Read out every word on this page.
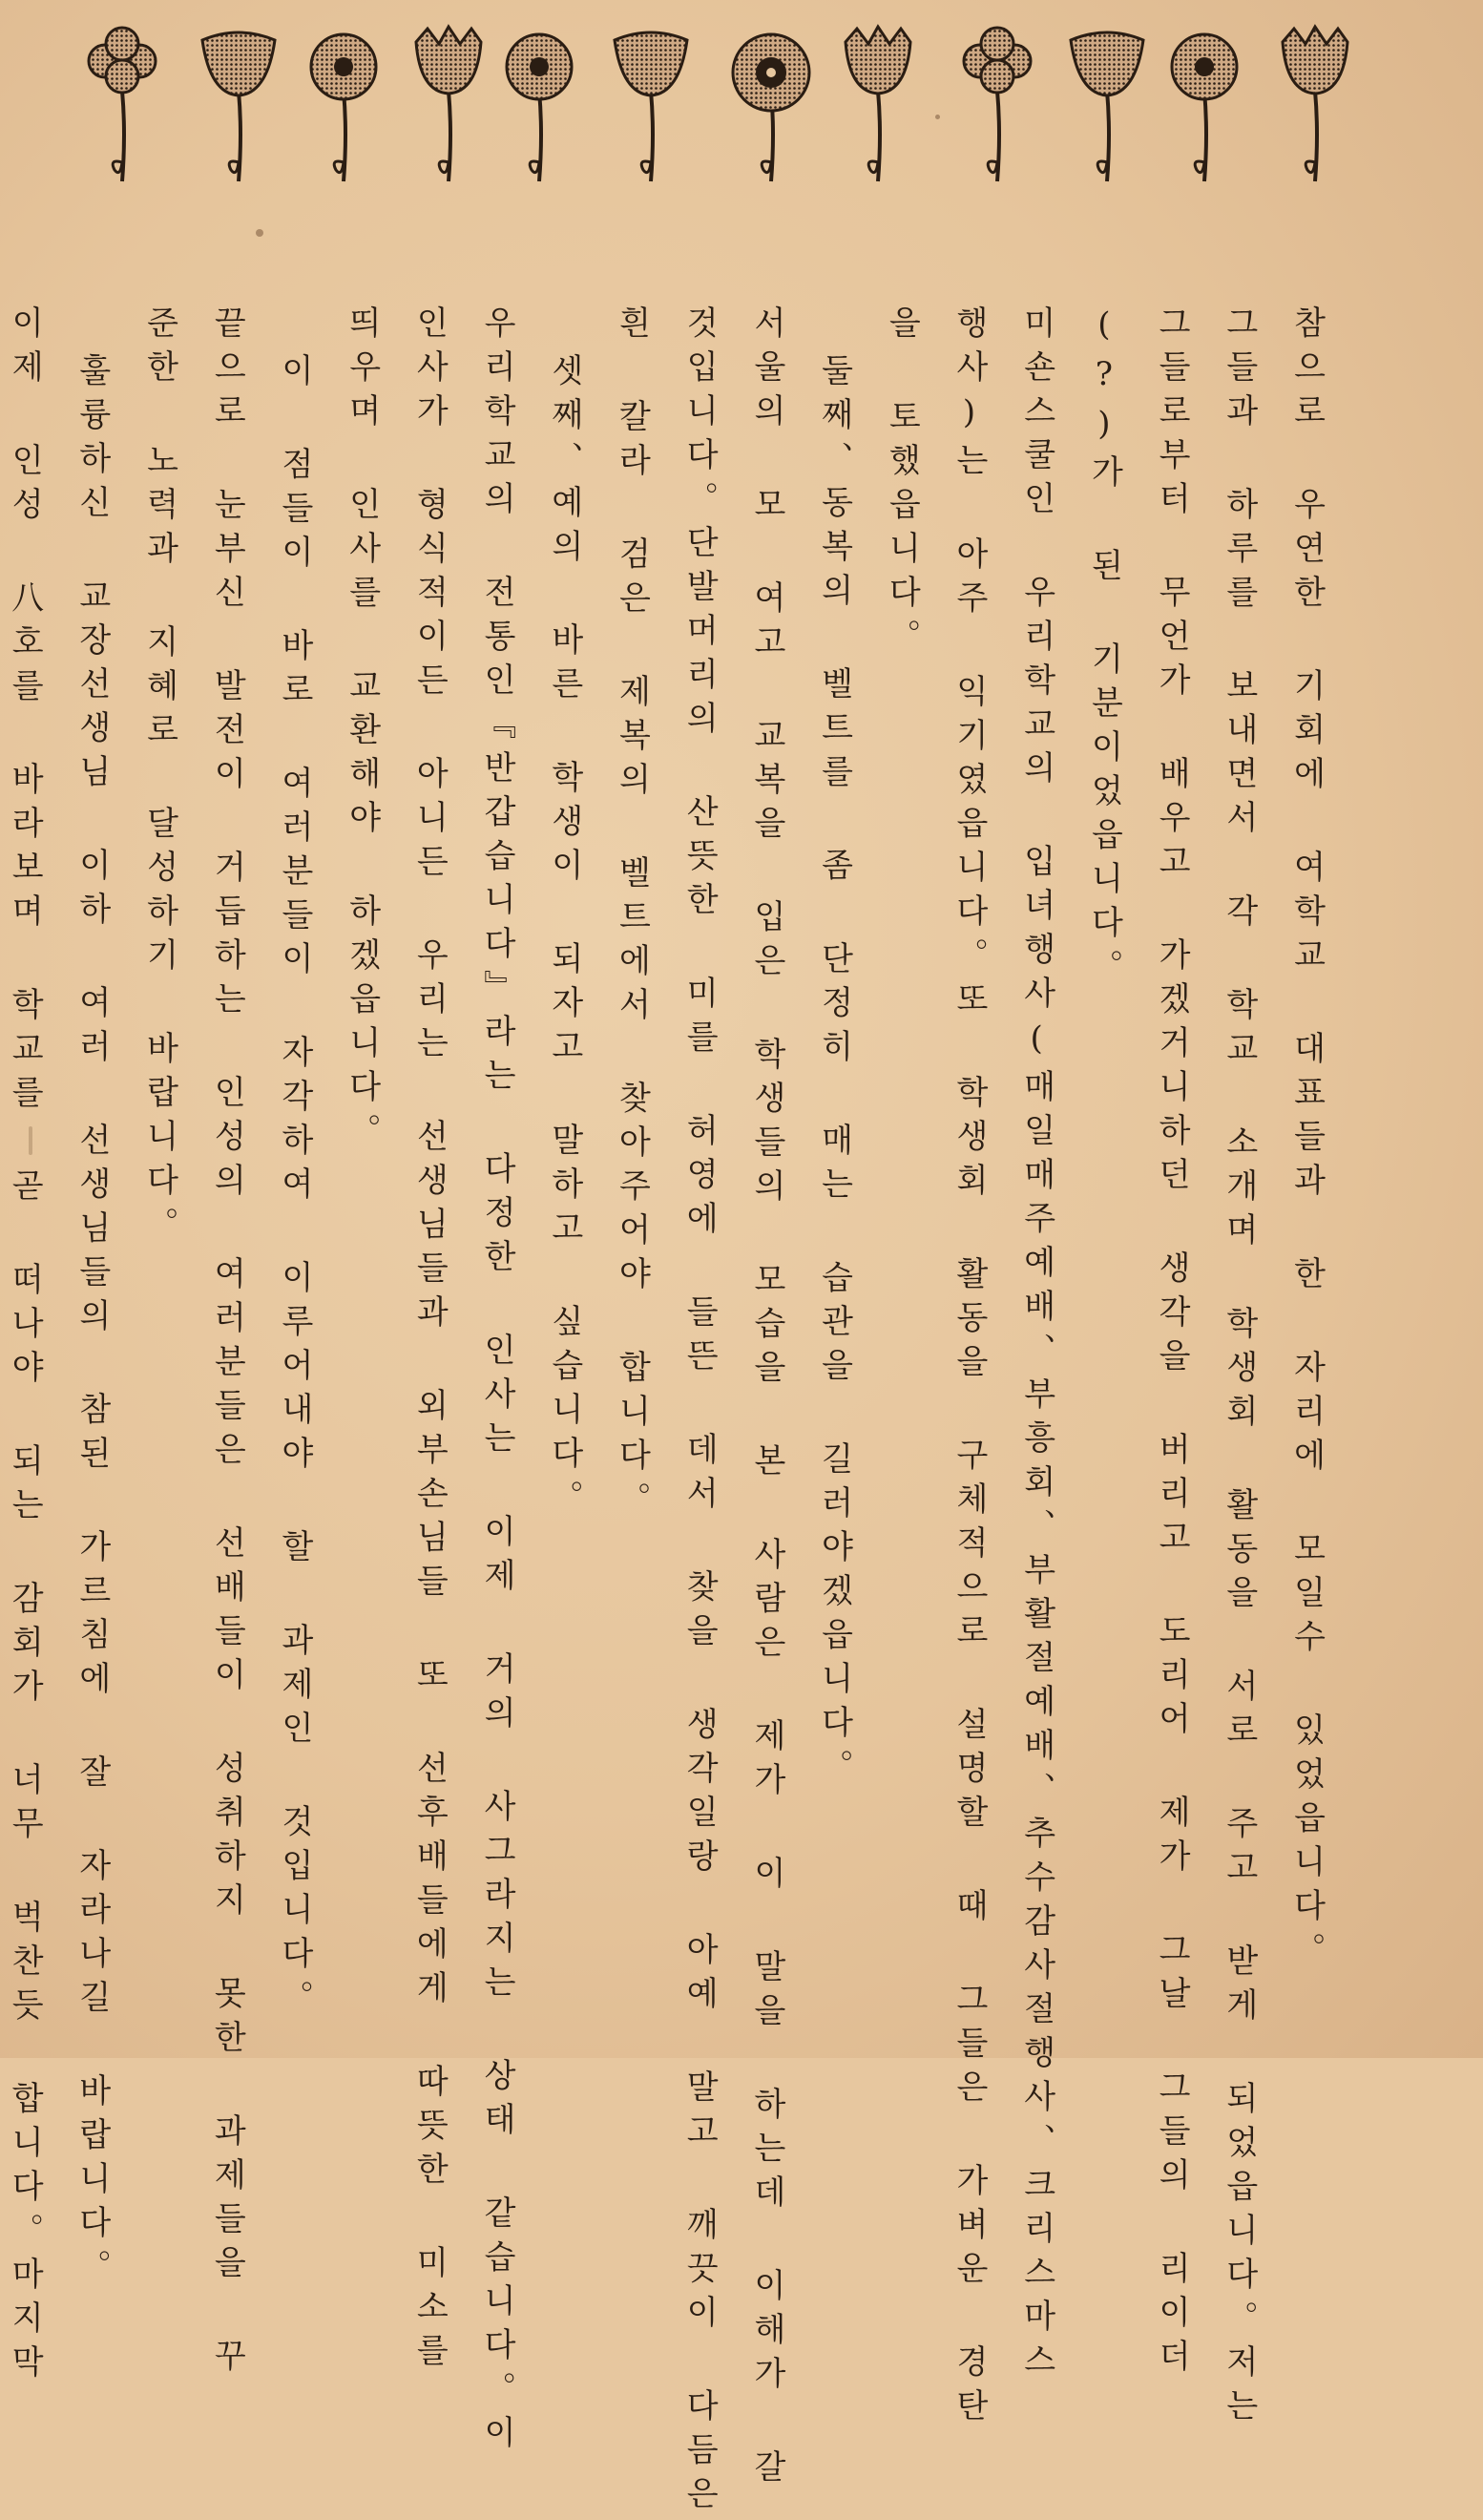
참으로 우연한 기회에 여학교 대표들과 한 자리에 모일수 있었읍니다。
그들과 하루를 보내면서 각 학교 소개며 학생회 활동을 서로 주고 받게 되었읍니다。저는
그들로부터 무언가 배우고 가겠거니하던 생각을 버리고 도리어 제가 그날 그들의 리이더
(?)가 된 기분이었읍니다。
미숀스쿨인 우리학교의 입녀행사(매일매주예배、부흥회、부활절예배、추수감사절행사、크리스마스
행사)는 아주 익기였읍니다。또 학생회 활동을 구체적으로 설명할 때 그들은 가벼운 경탄
을 토했읍니다。
둘째、동복의 벨트를 좀 단정히 매는 습관을 길러야겠읍니다。
서울의 모 여고 교복을 입은 학생들의 모습을 본 사람은 제가 이 말을 하는데 이해가 갈
것입니다。단발머리의 산뜻한 미를 허영에 들뜬 데서 찾을 생각일랑 아예 말고 깨끗이 다듬은
흰 칼라 검은 제복의 벨트에서 찾아주어야 합니다。
셋째、예의 바른 학생이 되자고 말하고 싶습니다。
우리학교의 전통인『반갑습니다』라는 다정한 인사는 이제 거의 사그라지는 상태 같습니다。이
인사가 형식적이든 아니든 우리는 선생님들과 외부손님들 또 선후배들에게 따뜻한 미소를
띄우며 인사를 교환해야 하겠읍니다。
이 점들이 바로 여러분들이 자각하여 이루어내야 할 과제인 것입니다。
끝으로 눈부신 발전이 거듭하는 인성의 여러분들은 선배들이 성취하지 못한 과제들을 꾸
준한 노력과 지혜로 달성하기 바랍니다。
훌륭하신 교장선생님 이하 여러 선생님들의 참된 가르침에 잘 자라나길 바랍니다。
이제 인성 八호를 바라보며 학교를 곧 떠나야 되는 감회가 너무 벅찬듯 합니다。마지막
